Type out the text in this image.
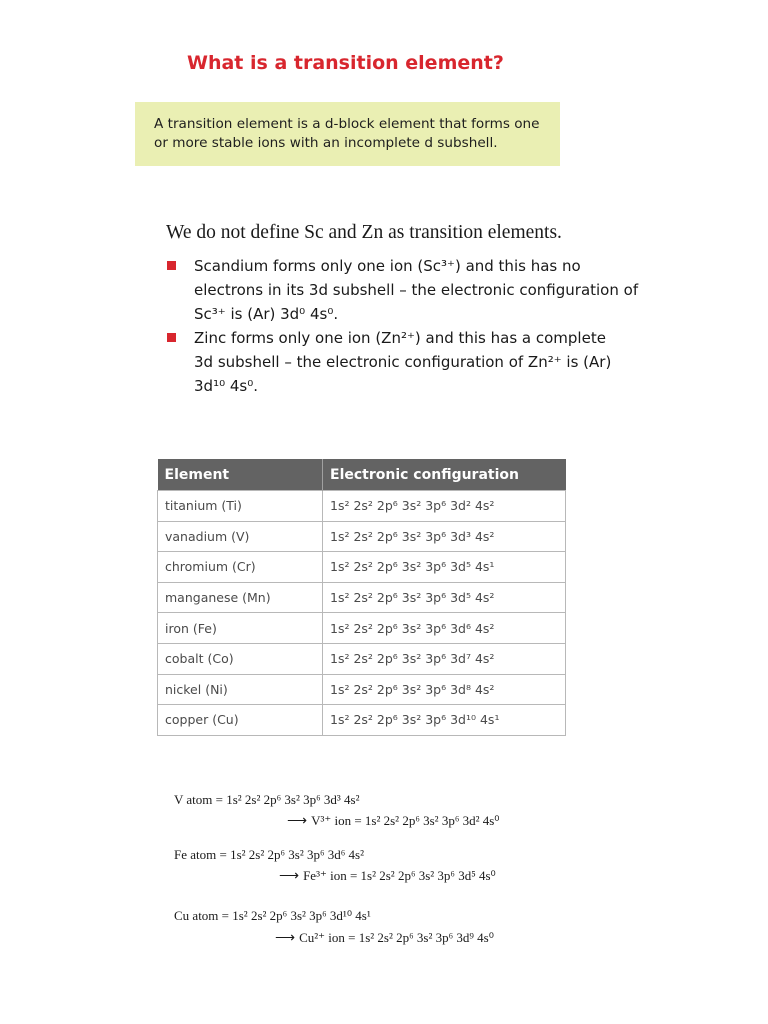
What is a transition element?
A transition element is a d-block element that forms one
or more stable ions with an incomplete d subshell.

We do not define Sc and Zn as transition elements.

Scandium forms only one ion (Sc³⁺) and this has no
electrons in its 3d subshell – the electronic configuration of
Sc³⁺ is (Ar) 3d⁰ 4s⁰.
Zinc forms only one ion (Zn²⁺) and this has a complete
3d subshell – the electronic configuration of Zn²⁺ is (Ar)
3d¹⁰ 4s⁰.
Element	Electronic configuration
titanium (Ti)	1s² 2s² 2p⁶ 3s² 3p⁶ 3d² 4s²
vanadium (V)	1s² 2s² 2p⁶ 3s² 3p⁶ 3d³ 4s²
chromium (Cr)	1s² 2s² 2p⁶ 3s² 3p⁶ 3d⁵ 4s¹
manganese (Mn)	1s² 2s² 2p⁶ 3s² 3p⁶ 3d⁵ 4s²
iron (Fe)	1s² 2s² 2p⁶ 3s² 3p⁶ 3d⁶ 4s²
cobalt (Co)	1s² 2s² 2p⁶ 3s² 3p⁶ 3d⁷ 4s²
nickel (Ni)	1s² 2s² 2p⁶ 3s² 3p⁶ 3d⁸ 4s²
copper (Cu)	1s² 2s² 2p⁶ 3s² 3p⁶ 3d¹⁰ 4s¹
V atom = 1s² 2s² 2p⁶ 3s² 3p⁶ 3d³ 4s²
⟶ V³⁺ ion = 1s² 2s² 2p⁶ 3s² 3p⁶ 3d² 4s⁰
Fe atom = 1s² 2s² 2p⁶ 3s² 3p⁶ 3d⁶ 4s²
⟶ Fe³⁺ ion = 1s² 2s² 2p⁶ 3s² 3p⁶ 3d⁵ 4s⁰
Cu atom = 1s² 2s² 2p⁶ 3s² 3p⁶ 3d¹⁰ 4s¹
⟶ Cu²⁺ ion = 1s² 2s² 2p⁶ 3s² 3p⁶ 3d⁹ 4s⁰
